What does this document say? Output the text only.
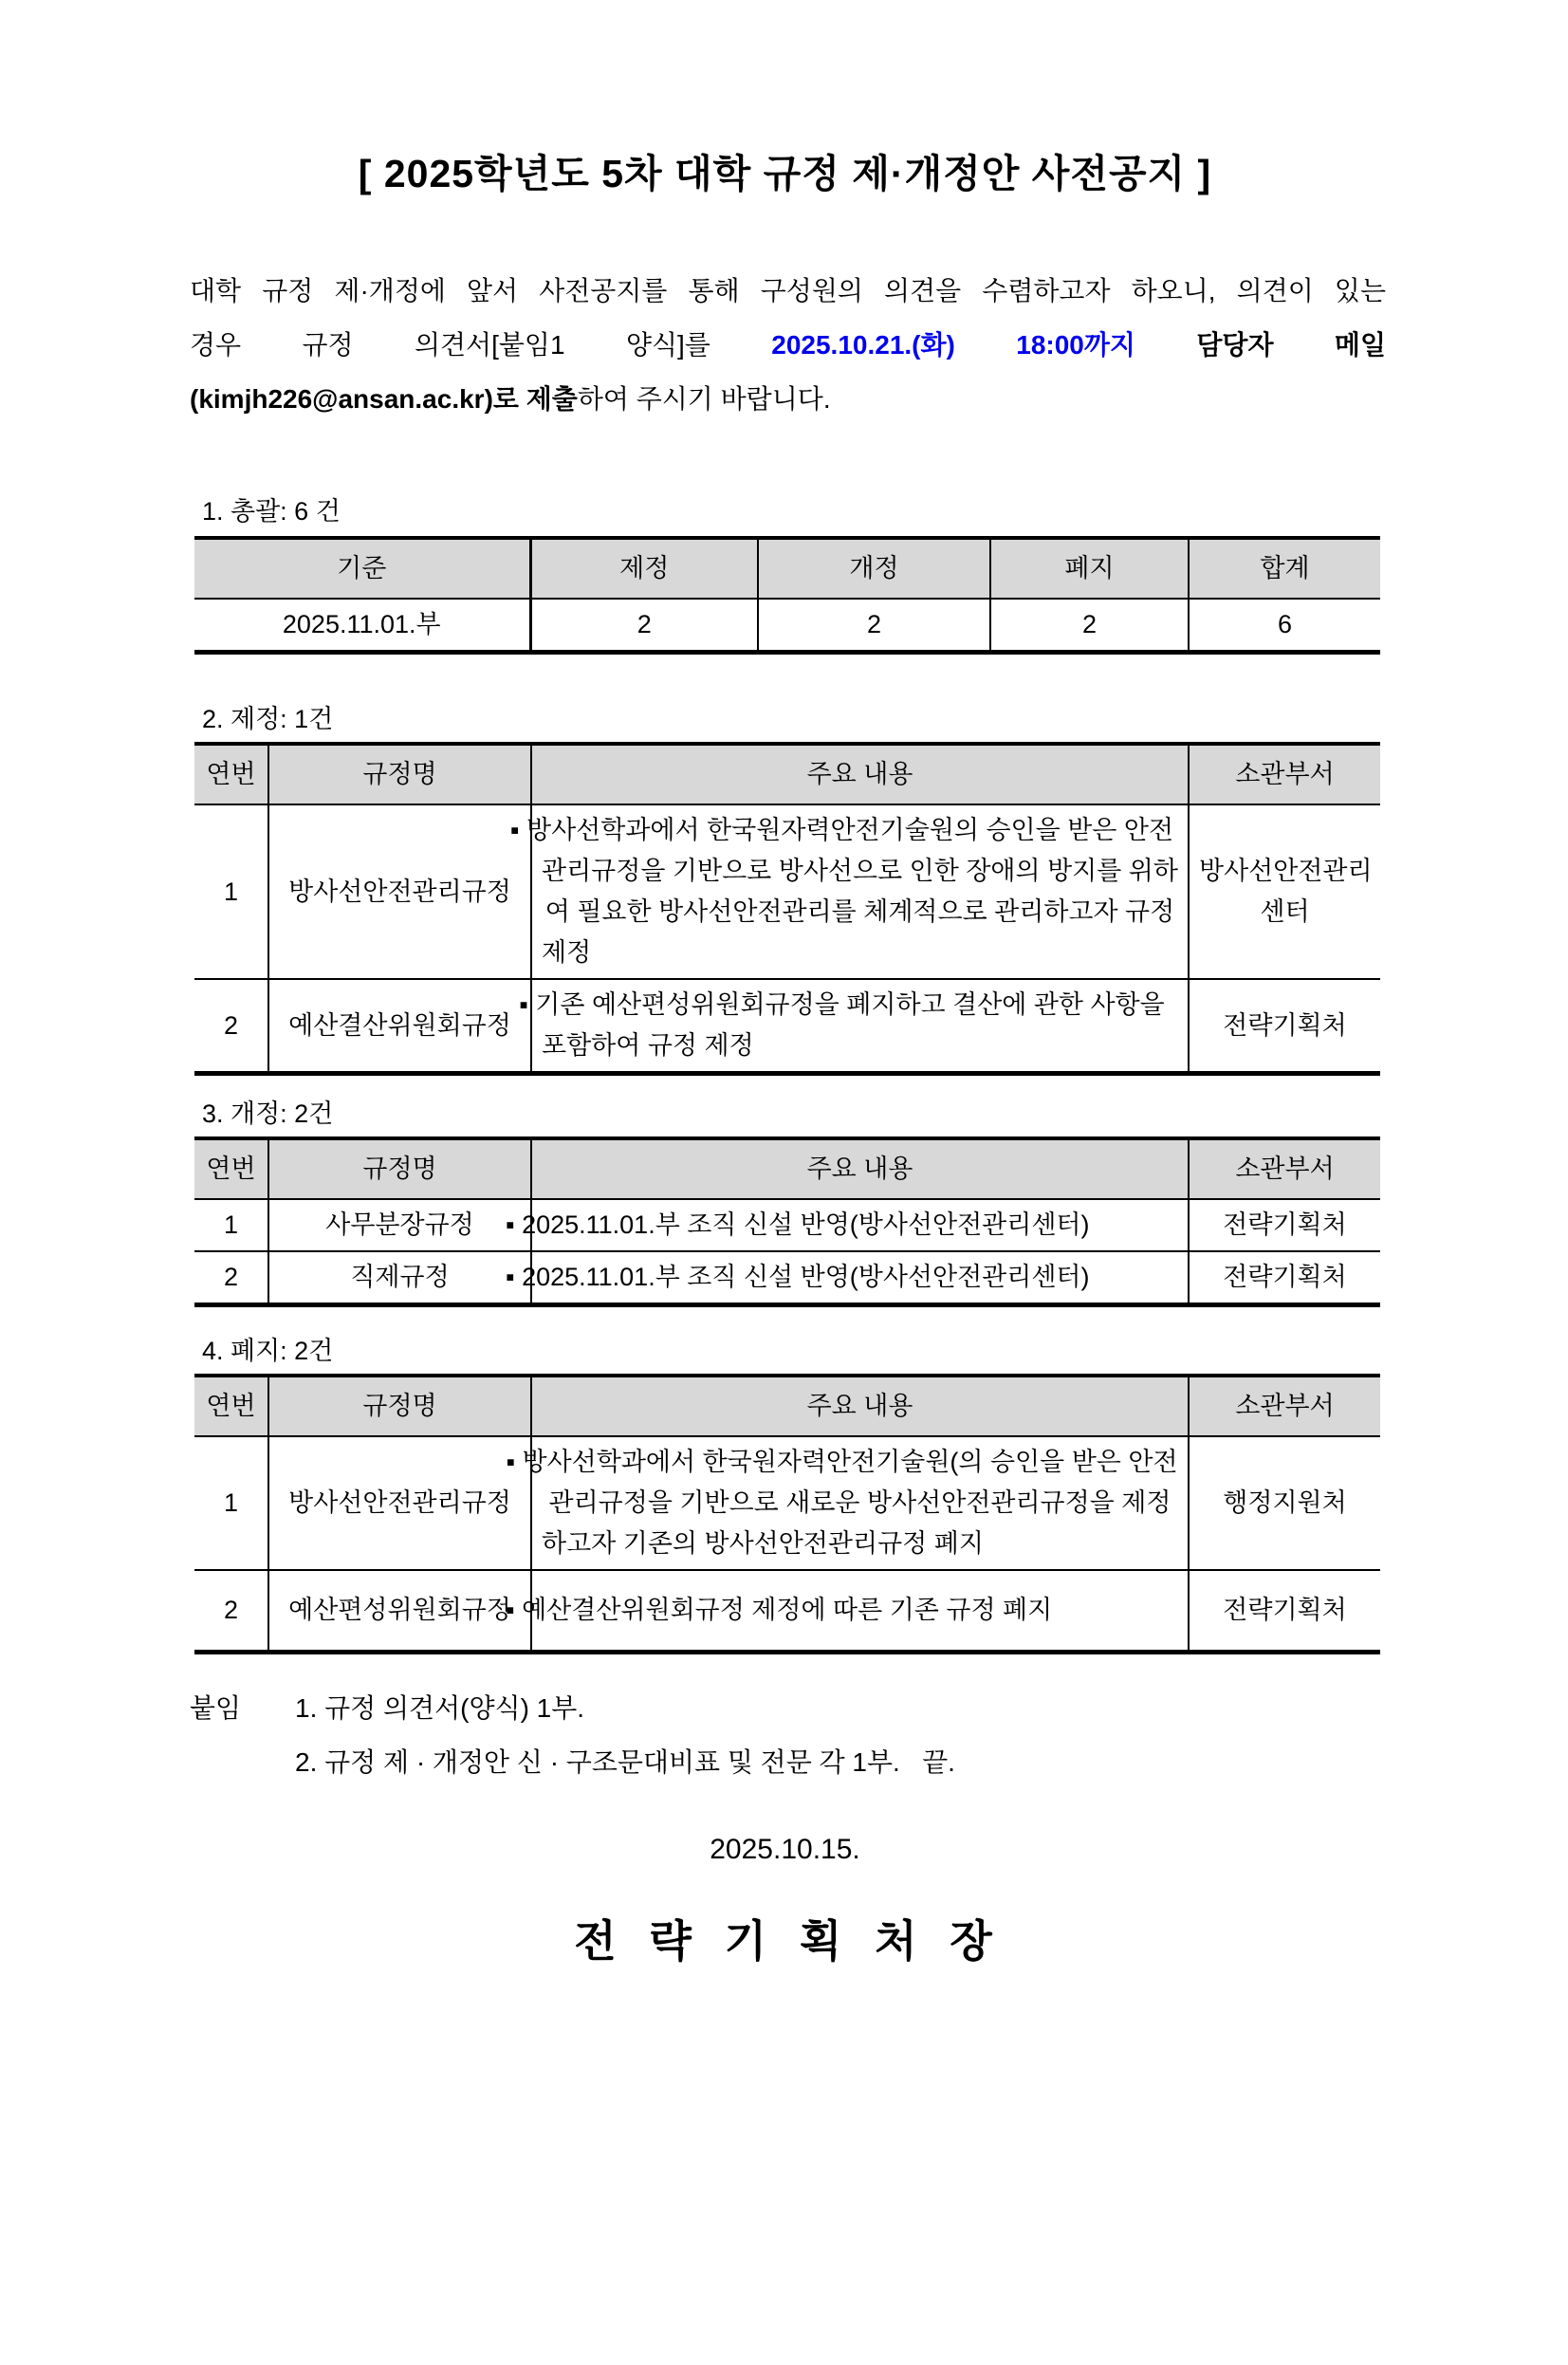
[ 2025학년도 5차 대학 규정 제·개정안 사전공지 ]
대학 규정 제·개정에 앞서 사전공지를 통해 구성원의 의견을 수렴하고자 하오니, 의견이 있는
경우 규정 의견서[붙임1 양식]를 2025.10.21.(화) 18:00까지 담당자 메일
(kimjh226@ansan.ac.kr)로 제출하여 주시기 바랍니다.
1. 총괄: 6 건
기준	제정	개정	폐지	합계
2025.11.01.부	2	2	2	6
2. 제정: 1건
연번	규정명	주요 내용	소관부서
1	방사선안전관리규정	▪ 방사선학과에서 한국원자력안전기술원의 승인을 받은 안전관리규정을 기반으로 방사선으로 인한 장애의 방지를 위하여 필요한 방사선안전관리를 체계적으로 관리하고자 규정 제정	방사선안전관리 센터
2	예산결산위원회규정	▪ 기존 예산편성위원회규정을 폐지하고 결산에 관한 사항을 포함하여 규정 제정	전략기획처
3. 개정: 2건
연번	규정명	주요 내용	소관부서
1	사무분장규정	▪ 2025.11.01.부 조직 신설 반영(방사선안전관리센터)	전략기획처
2	직제규정	▪ 2025.11.01.부 조직 신설 반영(방사선안전관리센터)	전략기획처
4. 폐지: 2건
연번	규정명	주요 내용	소관부서
1	방사선안전관리규정	▪ 방사선학과에서 한국원자력안전기술원(의 승인을 받은 안전관리규정을 기반으로 새로운 방사선안전관리규정을 제정하고자 기존의 방사선안전관리규정 폐지	행정지원처
2	예산편성위원회규정	▪ 예산결산위원회규정 제정에 따른 기존 규정 폐지	전략기획처
붙임	1. 규정 의견서(양식) 1부.
2. 규정 제 · 개정안 신 · 구조문대비표 및 전문 각 1부.   끝.
2025.10.15.
전 략 기 획 처 장
